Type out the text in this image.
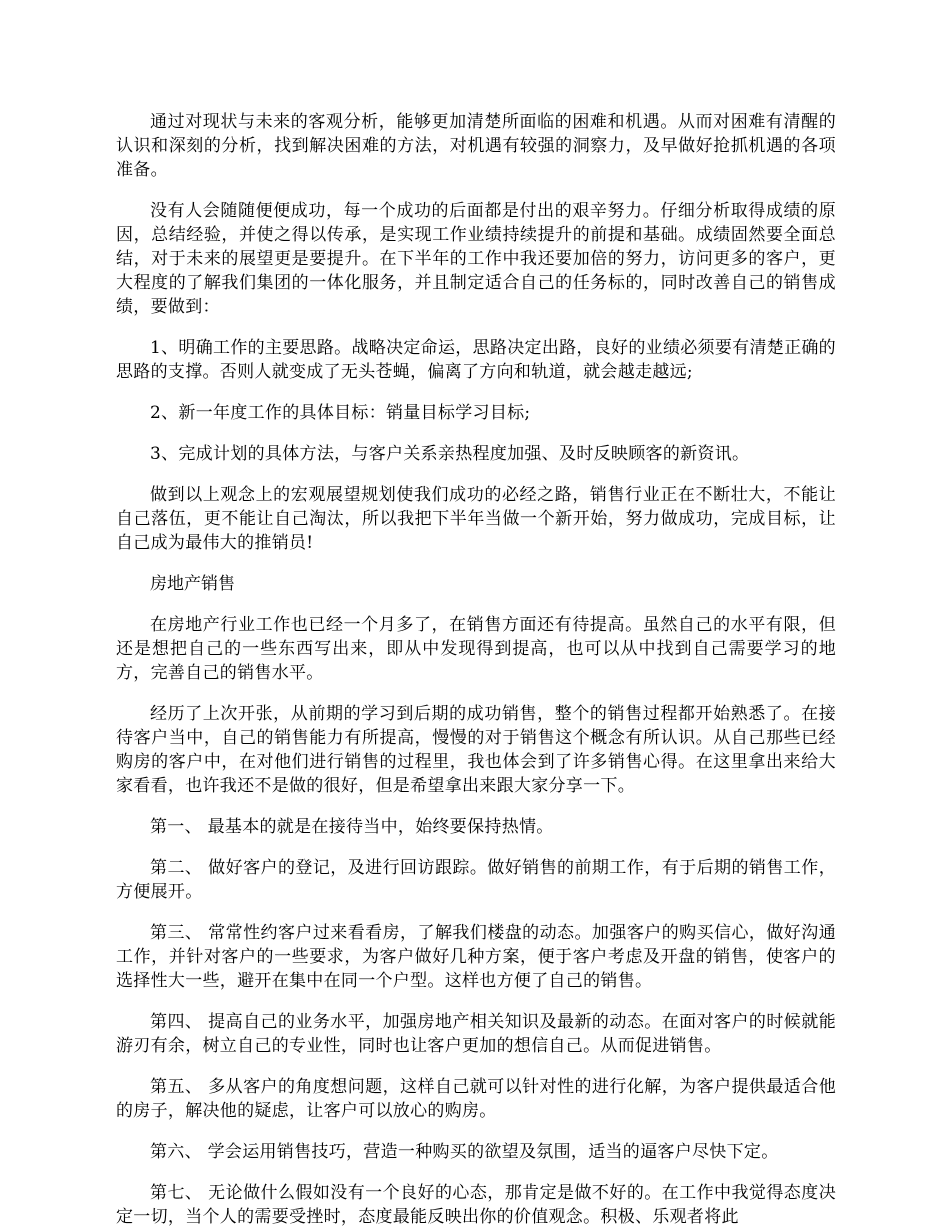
通过对现状与未来的客观分析，能够更加清楚所面临的困难和机遇。从而对困难有清醒的认识和深刻的分析，找到解决困难的方法，对机遇有较强的洞察力，及早做好抢抓机遇的各项准备。

没有人会随随便便成功，每一个成功的后面都是付出的艰辛努力。仔细分析取得成绩的原因，总结经验，并使之得以传承，是实现工作业绩持续提升的前提和基础。成绩固然要全面总结，对于未来的展望更是要提升。在下半年的工作中我还要加倍的努力，访问更多的客户，更大程度的了解我们集团的一体化服务，并且制定适合自己的任务标的，同时改善自己的销售成绩，要做到：

1、明确工作的主要思路。战略决定命运，思路决定出路，良好的业绩必须要有清楚正确的思路的支撑。否则人就变成了无头苍蝇，偏离了方向和轨道，就会越走越远;

2、新一年度工作的具体目标：销量目标学习目标;

3、完成计划的具体方法，与客户关系亲热程度加强、及时反映顾客的新资讯。

做到以上观念上的宏观展望规划使我们成功的必经之路，销售行业正在不断壮大，不能让自己落伍，更不能让自己淘汰，所以我把下半年当做一个新开始，努力做成功，完成目标，让自己成为最伟大的推销员!

房地产销售

在房地产行业工作也已经一个月多了，在销售方面还有待提高。虽然自己的水平有限，但还是想把自己的一些东西写出来，即从中发现得到提高，也可以从中找到自己需要学习的地方，完善自己的销售水平。

经历了上次开张，从前期的学习到后期的成功销售，整个的销售过程都开始熟悉了。在接待客户当中，自己的销售能力有所提高，慢慢的对于销售这个概念有所认识。从自己那些已经购房的客户中，在对他们进行销售的过程里，我也体会到了许多销售心得。在这里拿出来给大家看看，也许我还不是做的很好，但是希望拿出来跟大家分享一下。

第一、 最基本的就是在接待当中，始终要保持热情。

第二、 做好客户的登记，及进行回访跟踪。做好销售的前期工作，有于后期的销售工作，方便展开。

第三、 常常性约客户过来看看房，了解我们楼盘的动态。加强客户的购买信心，做好沟通工作，并针对客户的一些要求，为客户做好几种方案，便于客户考虑及开盘的销售，使客户的选择性大一些，避开在集中在同一个户型。这样也方便了自己的销售。

第四、 提高自己的业务水平，加强房地产相关知识及最新的动态。在面对客户的时候就能游刃有余，树立自己的专业性，同时也让客户更加的想信自己。从而促进销售。

第五、 多从客户的角度想问题，这样自己就可以针对性的进行化解，为客户提供最适合他的房子，解决他的疑虑，让客户可以放心的购房。

第六、 学会运用销售技巧，营造一种购买的欲望及氛围，适当的逼客户尽快下定。

第七、 无论做什么假如没有一个良好的心态，那肯定是做不好的。在工作中我觉得态度决定一切，当个人的需要受挫时，态度最能反映出你的价值观念。积极、乐观者将此
